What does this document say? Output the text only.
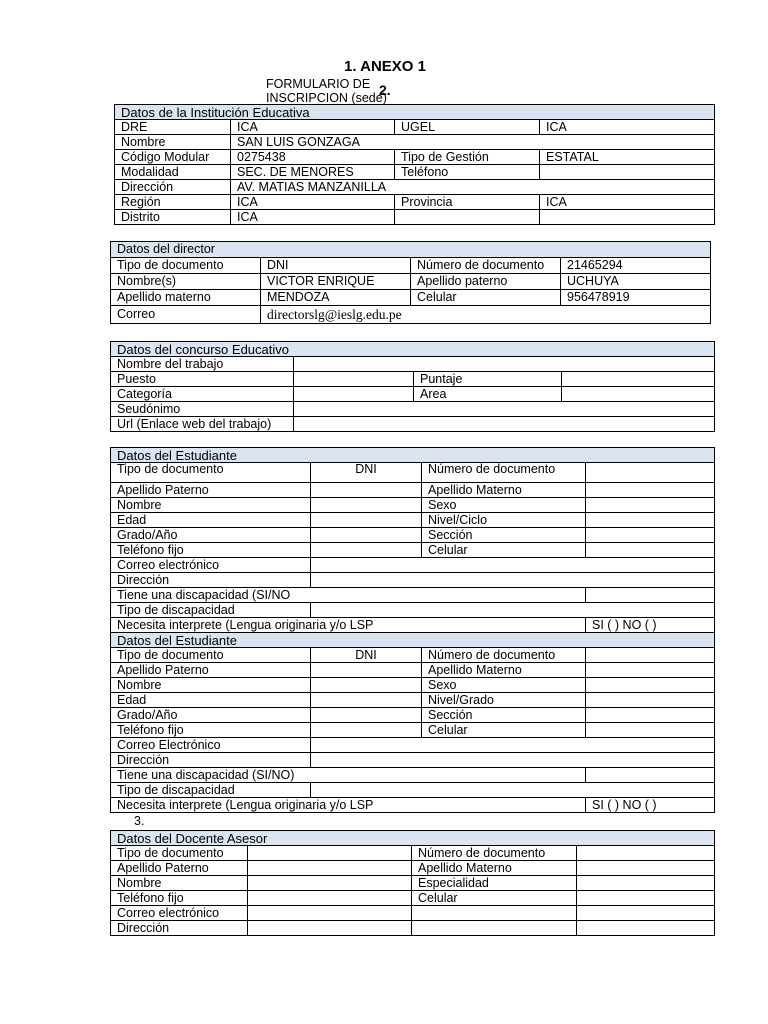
1. ANEXO 1
FORMULARIO DE INSCRIPCION (sede)
2.
Datos de la Institución Educativa			
DRE	ICA	UGEL	ICA
Nombre	SAN LUIS GONZAGA		
Código Modular	0275438	Tipo de Gestión	ESTATAL
Modalidad	SEC. DE MENORES	Teléfono	
Dirección	AV. MATIAS MANZANILLA		
Región	ICA	Provincia	ICA
Distrito	ICA		
Datos del director			
Tipo de documento	DNI	Número de documento	21465294
Nombre(s)	VICTOR ENRIQUE	Apellido paterno	UCHUYA
Apellido materno	MENDOZA	Celular	956478919
Correo	directorslg@ieslg.edu.pe		
Datos del concurso Educativo			
Nombre del trabajo			
Puesto		Puntaje	
Categoría		Area	
Seudónimo			
Url (Enlace web del trabajo)			
Datos del Estudiante			
Tipo de documento	DNI	Número de documento	
Apellido Paterno		Apellido Materno	
Nombre		Sexo	
Edad		Nivel/Ciclo	
Grado/Año		Sección	
Teléfono fijo		Celular	
Correo electrónico			
Dirección			
Tiene una discapacidad (SI/NO			
Tipo de discapacidad			
Necesita interprete (Lengua originaria y/o LSP			SI ( ) NO ( )
Datos del Estudiante			
Tipo de documento	DNI	Número de documento	
Apellido Paterno		Apellido Materno	
Nombre		Sexo	
Edad		Nivel/Grado	
Grado/Año		Sección	
Teléfono fijo		Celular	
Correo Electrónico			
Dirección			
Tiene una discapacidad (SI/NO)			
Tipo de discapacidad			
Necesita interprete (Lengua originaria y/o LSP			SI ( ) NO ( )
3.
Datos del Docente Asesor			
Tipo de documento		Número de documento	
Apellido Paterno		Apellido Materno	
Nombre		Especialidad	
Teléfono fijo		Celular	
Correo electrónico			
Dirección			
